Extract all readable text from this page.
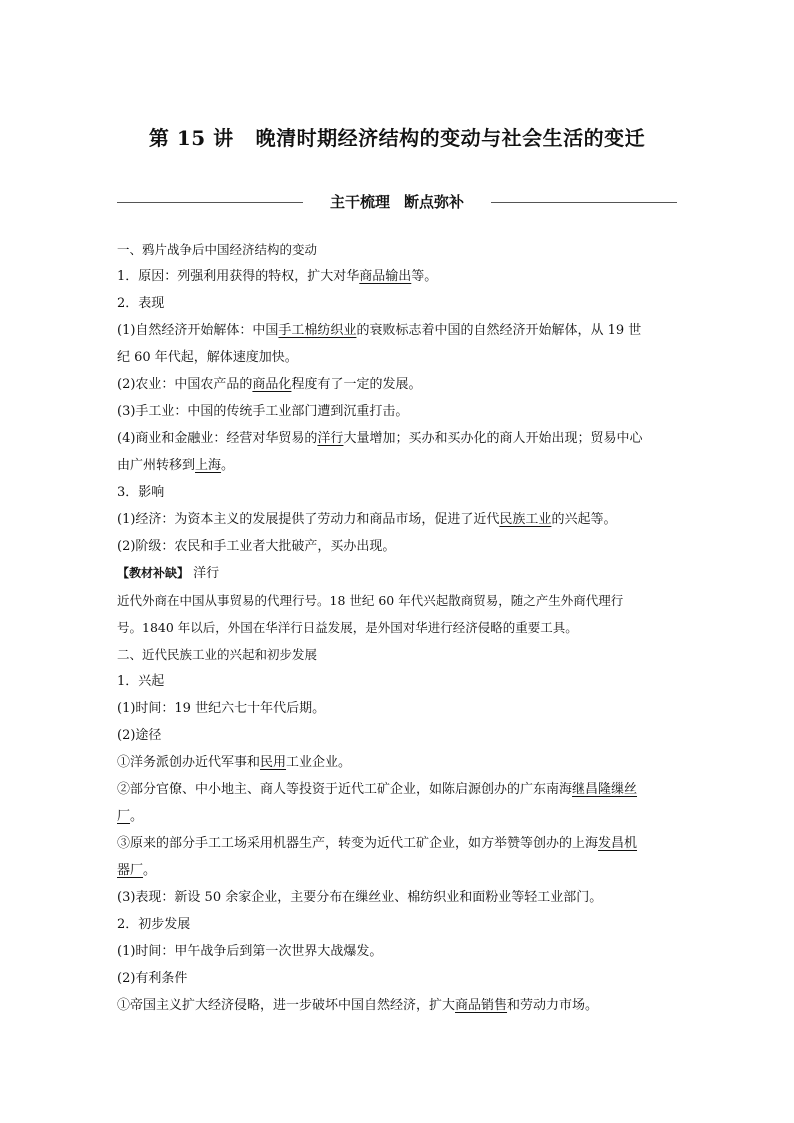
第 15 讲 晚清时期经济结构的变动与社会生活的变迁
主干梳理 断点弥补
一、鸦片战争后中国经济结构的变动
1．原因：列强利用获得的特权，扩大对华商品输出等。
2．表现
(1)自然经济开始解体：中国手工棉纺织业的衰败标志着中国的自然经济开始解体，从 19 世
纪 60 年代起，解体速度加快。
(2)农业：中国农产品的商品化程度有了一定的发展。
(3)手工业：中国的传统手工业部门遭到沉重打击。
(4)商业和金融业：经营对华贸易的洋行大量增加；买办和买办化的商人开始出现；贸易中心
由广州转移到上海。
3．影响
(1)经济：为资本主义的发展提供了劳动力和商品市场，促进了近代民族工业的兴起等。
(2)阶级：农民和手工业者大批破产，买办出现。
【教材补缺】 洋行
近代外商在中国从事贸易的代理行号。18 世纪 60 年代兴起散商贸易，随之产生外商代理行
号。1840 年以后，外国在华洋行日益发展，是外国对华进行经济侵略的重要工具。
二、近代民族工业的兴起和初步发展
1．兴起
(1)时间：19 世纪六七十年代后期。
(2)途径
①洋务派创办近代军事和民用工业企业。
②部分官僚、中小地主、商人等投资于近代工矿企业，如陈启源创办的广东南海继昌隆缫丝
厂。
③原来的部分手工工场采用机器生产，转变为近代工矿企业，如方举赞等创办的上海发昌机
器厂。
(3)表现：新设 50 余家企业，主要分布在缫丝业、棉纺织业和面粉业等轻工业部门。
2．初步发展
(1)时间：甲午战争后到第一次世界大战爆发。
(2)有利条件
①帝国主义扩大经济侵略，进一步破坏中国自然经济，扩大商品销售和劳动力市场。
